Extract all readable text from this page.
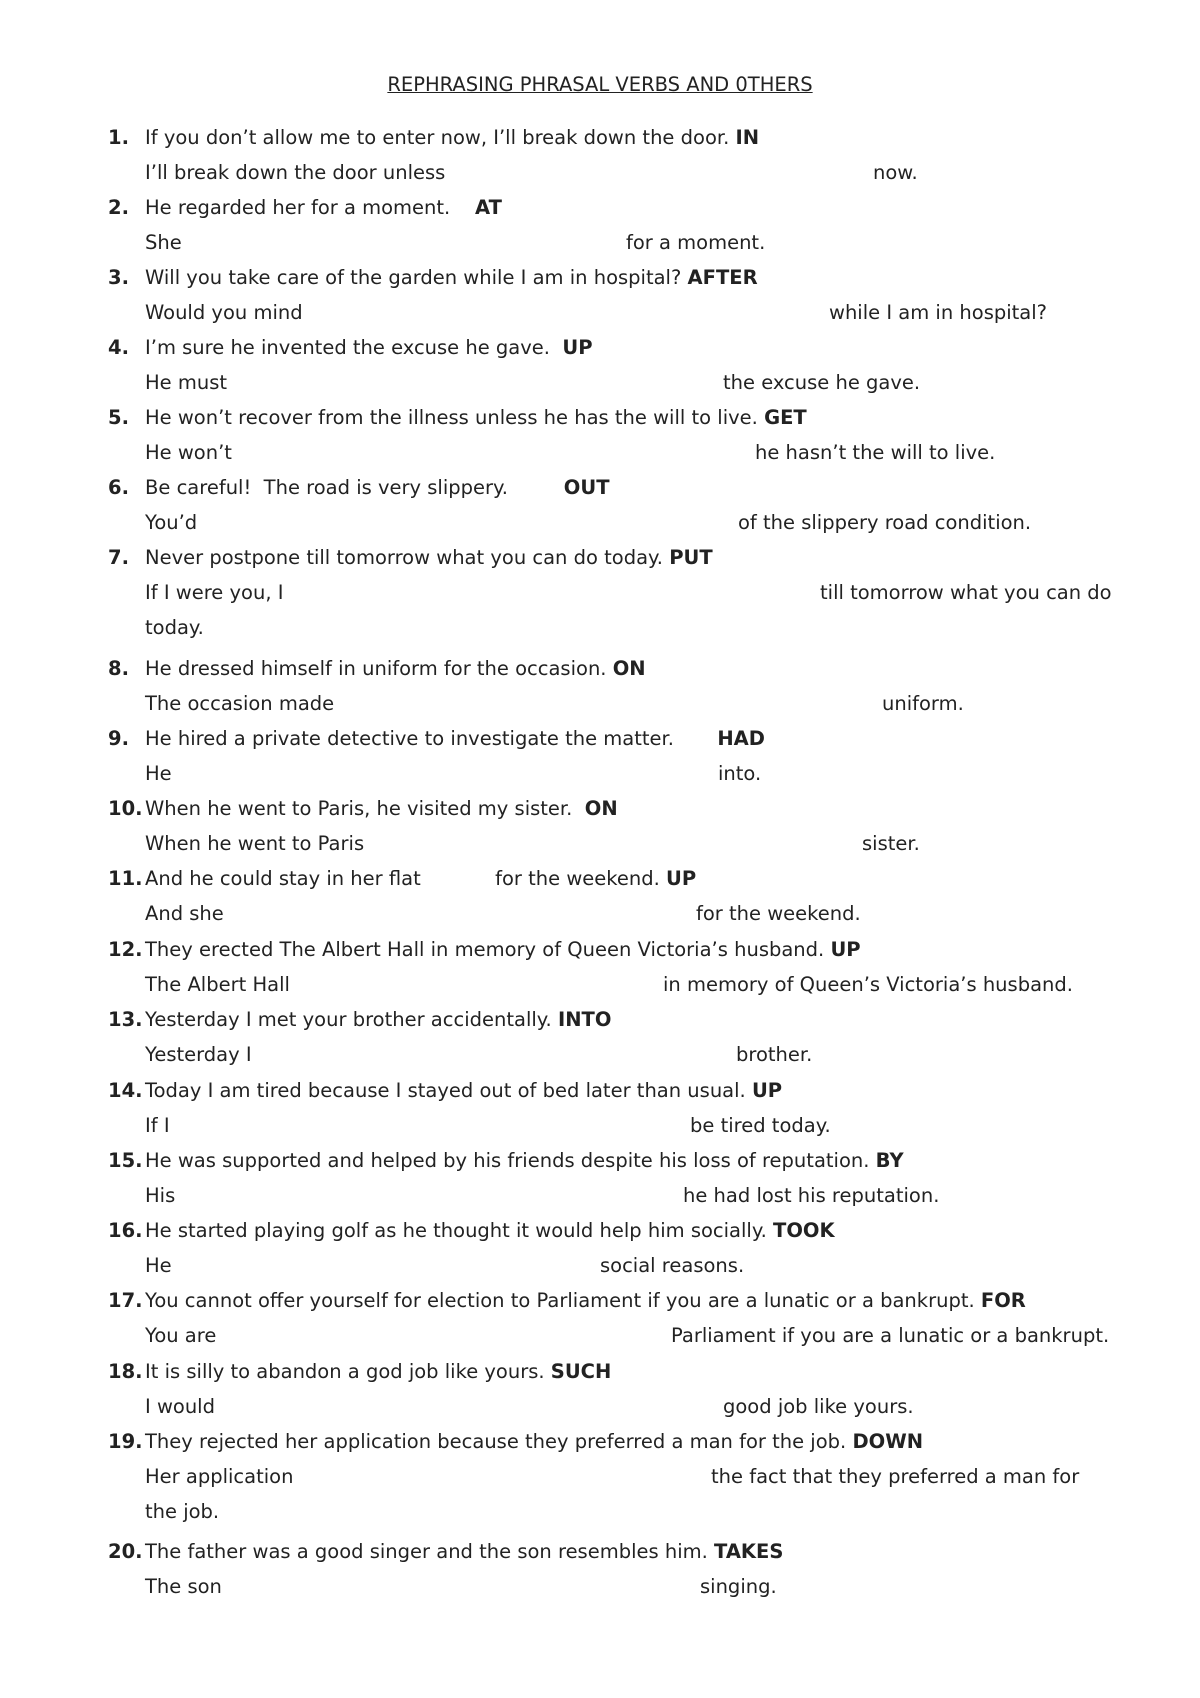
REPHRASING PHRASAL VERBS AND 0THERS
1. If you don’t allow me to enter now, I’ll break down the door. IN
I’ll break down the door unless	now.
2. He regarded her for a moment. AT
She	for a moment.
3. Will you take care of the garden while I am in hospital? AFTER
Would you mind	while I am in hospital?
4. I’m sure he invented the excuse he gave. UP
He must	the excuse he gave.
5. He won’t recover from the illness unless he has the will to live. GET
He won’t	he hasn’t the will to live.
6. Be careful!  The road is very slippery.	OUT
You’d	of the slippery road condition.
7. Never postpone till tomorrow what you can do today. PUT
If I were you, I	till tomorrow what you can do
today.
8. He dressed himself in uniform for the occasion. ON
The occasion made	uniform.
9. He hired a private detective to investigate the matter. HAD
He	into.
10. When he went to Paris, he visited my sister. ON
When he went to Paris	sister.
11. And he could stay in her flat            for the weekend. UP
And she	for the weekend.
12. They erected The Albert Hall in memory of Queen Victoria’s husband. UP
The Albert Hall	in memory of Queen’s Victoria’s husband.
13. Yesterday I met your brother accidentally. INTO
Yesterday I	brother.
14. Today I am tired because I stayed out of bed later than usual. UP
If I	be tired today.
15. He was supported and helped by his friends despite his loss of reputation. BY
His	he had lost his reputation.
16. He started playing golf as he thought it would help him socially. TOOK
He	social reasons.
17. You cannot offer yourself for election to Parliament if you are a lunatic or a bankrupt. FOR
You are	Parliament if you are a lunatic or a bankrupt.
18. It is silly to abandon a god job like yours. SUCH
I would	good job like yours.
19. They rejected her application because they preferred a man for the job. DOWN
Her application	the fact that they preferred a man for
the job.
20. The father was a good singer and the son resembles him. TAKES
The son	singing.
